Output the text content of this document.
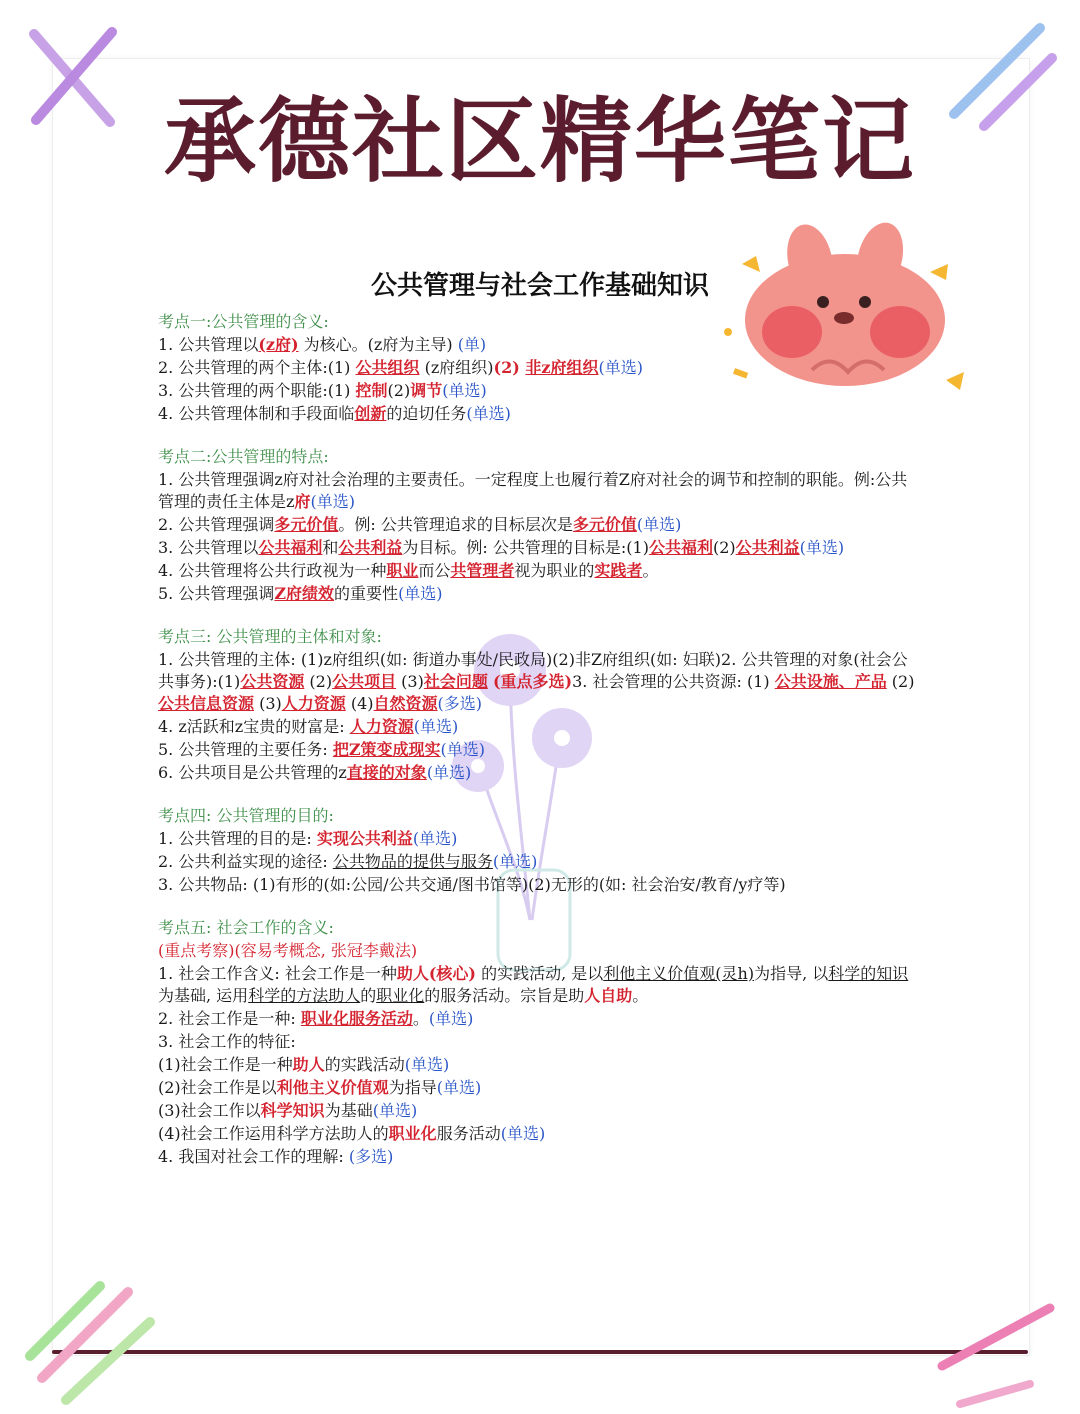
承德社区精华笔记
公共管理与社会工作基础知识
考点一:公共管理的含义:
1. 公共管理以(z府) 为核心。(z府为主导) (单)
2. 公共管理的两个主体:(1) 公共组织 (z府组织)(2) 非z府组织(单选)
3. 公共管理的两个职能:(1) 控制(2)调节(单选)
4. 公共管理体制和手段面临创新的迫切任务(单选)
考点二:公共管理的特点:
1. 公共管理强调z府对社会治理的主要责任。一定程度上也履行着Z府对社会的调节和控制的职能。例:公共管理的责任主体是z府(单选)
2. 公共管理强调多元价值。例: 公共管理追求的目标层次是多元价值(单选)
3. 公共管理以公共福利和公共利益为目标。例: 公共管理的目标是:(1)公共福利(2)公共利益(单选)
4. 公共管理将公共行政视为一种职业而公共管理者视为职业的实践者。
5. 公共管理强调Z府绩效的重要性(单选)
考点三: 公共管理的主体和对象:
1. 公共管理的主体: (1)z府组织(如: 街道办事处/民政局)(2)非Z府组织(如: 妇联)2. 公共管理的对象(社会公共事务):(1)公共资源 (2)公共项目 (3)社会问题 (重点多选)3. 社会管理的公共资源: (1) 公共设施、产品 (2)公共信息资源 (3)人力资源 (4)自然资源(多选)
4. z活跃和z宝贵的财富是: 人力资源(单选)
5. 公共管理的主要任务: 把Z策变成现实(单选)
6. 公共项目是公共管理的z直接的对象(单选)
考点四: 公共管理的目的:
1. 公共管理的目的是: 实现公共利益(单选)
2. 公共利益实现的途径: 公共物品的提供与服务(单选)
3. 公共物品: (1)有形的(如:公园/公共交通/图书馆等)(2)无形的(如: 社会治安/教育/y疗等)
考点五: 社会工作的含义:
(重点考察)(容易考概念, 张冠李戴法)
1. 社会工作含义: 社会工作是一种助人(核心) 的实践活动, 是以利他主义价值观(灵h)为指导, 以科学的知识为基础, 运用科学的方法助人的职业化的服务活动。宗旨是助人自助。
2. 社会工作是一种: 职业化服务活动。(单选)
3. 社会工作的特征:
(1)社会工作是一种助人的实践活动(单选)
(2)社会工作是以利他主义价值观为指导(单选)
(3)社会工作以科学知识为基础(单选)
(4)社会工作运用科学方法助人的职业化服务活动(单选)
4. 我国对社会工作的理解: (多选)
